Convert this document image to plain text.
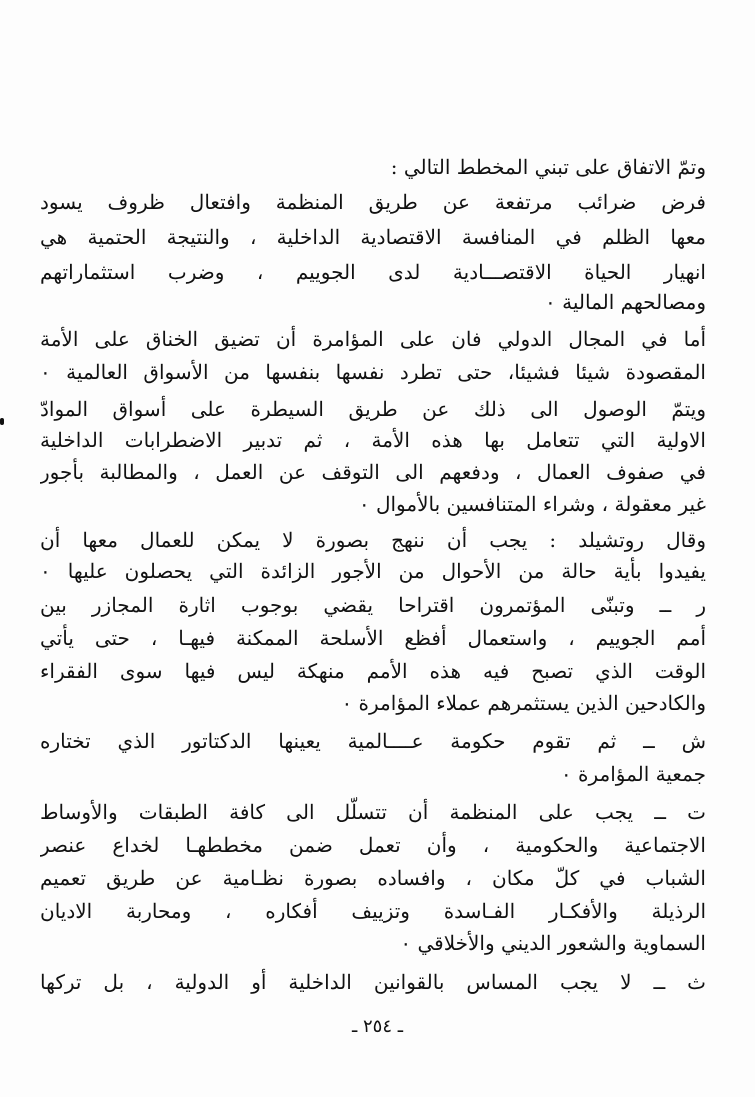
وتمّ الاتفاق على تبني المخطط التالي :
فرض ضرائب مرتفعة عن طريق المنظمة وافتعال ظروف يسود
معها الظلم في المنافسة الاقتصادية الداخلية ، والنتيجة الحتمية هي
انهيار الحياة الاقتصـــادية لدى الجوييم ، وضرب استثماراتهم
ومصالحهم المالية ٠
أما في المجال الدولي فان على المؤامرة أن تضيق الخناق على الأمة
المقصودة شيئا فشيئا، حتى تطرد نفسها بنفسها من الأسواق العالمية ٠
ويتمّ الوصول الى ذلك عن طريق السيطرة على أسواق الموادّ
الاولية التي تتعامل بها هذه الأمة ، ثم تدبير الاضطرابات الداخلية
في صفوف العمال ، ودفعهم الى التوقف عن العمل ، والمطالبة بأجور
غير معقولة ، وشراء المتنافسين بالأموال ٠
وقال روتشيلد : يجب أن ننهج بصورة لا يمكن للعمال معها أن
يفيدوا بأية حالة من الأحوال من الأجور الزائدة التي يحصلون عليها ٠
ر ــ وتبنّى المؤتمرون اقتراحا يقضي بوجوب اثارة المجازر بين
أمم الجوييم ، واستعمال أفظع الأسلحة الممكنة فيهـا ، حتى يأتي
الوقت الذي تصبح فيه هذه الأمم منهكة ليس فيها سوى الفقراء
والكادحين الذين يستثمرهم عملاء المؤامرة ٠
ش ــ ثم تقوم حكومة عــــالمية يعينها الدكتاتور الذي تختاره
جمعية المؤامرة ٠
ت ــ يجب على المنظمة أن تتسلّل الى كافة الطبقات والأوساط
الاجتماعية والحكومية ، وأن تعمل ضمن مخططهـا لخداع عنصر
الشباب في كلّ مكان ، وافساده بصورة نظـامية عن طريق تعميم
الرذيلة والأفكـار الفـاسدة وتزييف أفكاره ، ومحاربة الاديان
السماوية والشعور الديني والأخلاقي ٠
ث ــ لا يجب المساس بالقوانين الداخلية أو الدولية ، بل تركها
ـ ٢٥٤ ـ
